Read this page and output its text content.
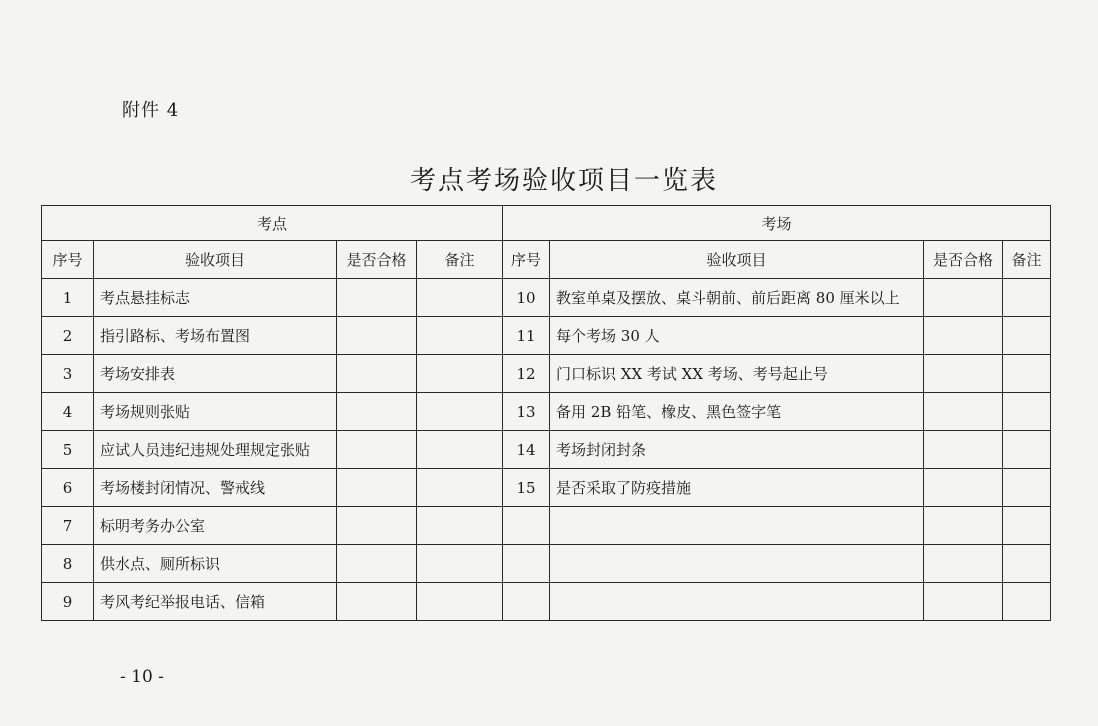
附件 4
考点考场验收项目一览表
考点				考场			
序号	验收项目	是否合格	备注	序号	验收项目	是否合格	备注
1	考点悬挂标志			10	教室单桌及摆放、桌斗朝前、前后距离 80 厘米以上		
2	指引路标、考场布置图			11	每个考场 30 人		
3	考场安排表			12	门口标识 XX 考试 XX 考场、考号起止号		
4	考场规则张贴			13	备用 2B 铅笔、橡皮、黑色签字笔		
5	应试人员违纪违规处理规定张贴			14	考场封闭封条		
6	考场楼封闭情况、警戒线			15	是否采取了防疫措施		
7	标明考务办公室						
8	供水点、厕所标识						
9	考风考纪举报电话、信箱						
- 10 -
